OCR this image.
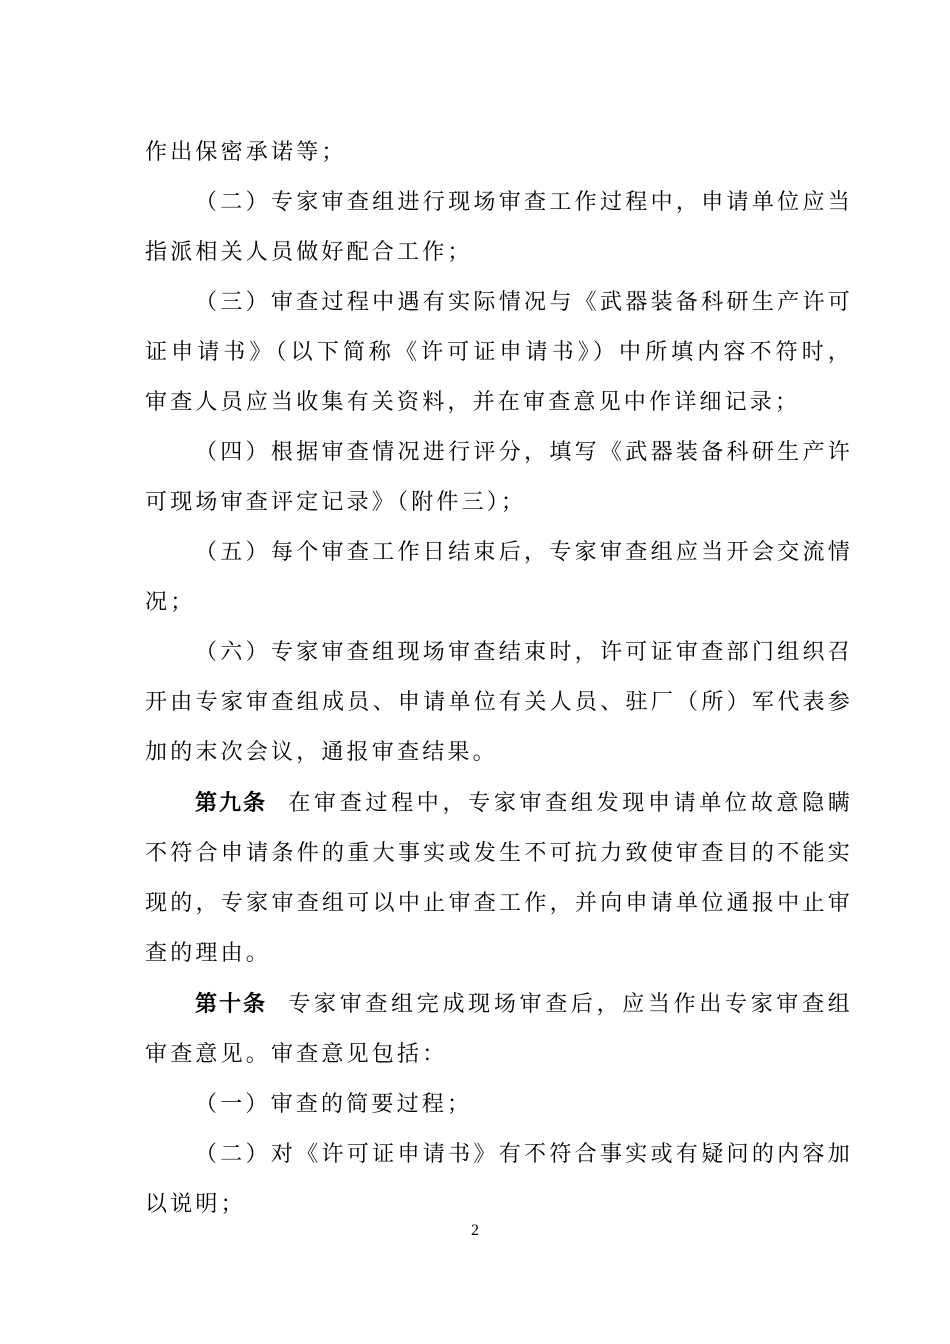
作出保密承诺等；

（二）专家审查组进行现场审查工作过程中，申请单位应当指派相关人员做好配合工作；

（三）审查过程中遇有实际情况与《武器装备科研生产许可证申请书》（以下简称《许可证申请书》）中所填内容不符时，审查人员应当收集有关资料，并在审查意见中作详细记录；

（四）根据审查情况进行评分，填写《武器装备科研生产许可现场审查评定记录》（附件三）；

（五）每个审查工作日结束后，专家审查组应当开会交流情况；

（六）专家审查组现场审查结束时，许可证审查部门组织召开由专家审查组成员、申请单位有关人员、驻厂（所）军代表参加的末次会议，通报审查结果。

第九条 在审查过程中，专家审查组发现申请单位故意隐瞒不符合申请条件的重大事实或发生不可抗力致使审查目的不能实现的，专家审查组可以中止审查工作，并向申请单位通报中止审查的理由。

第十条 专家审查组完成现场审查后，应当作出专家审查组审查意见。审查意见包括：

（一）审查的简要过程；

（二）对《许可证申请书》有不符合事实或有疑问的内容加以说明；

2
